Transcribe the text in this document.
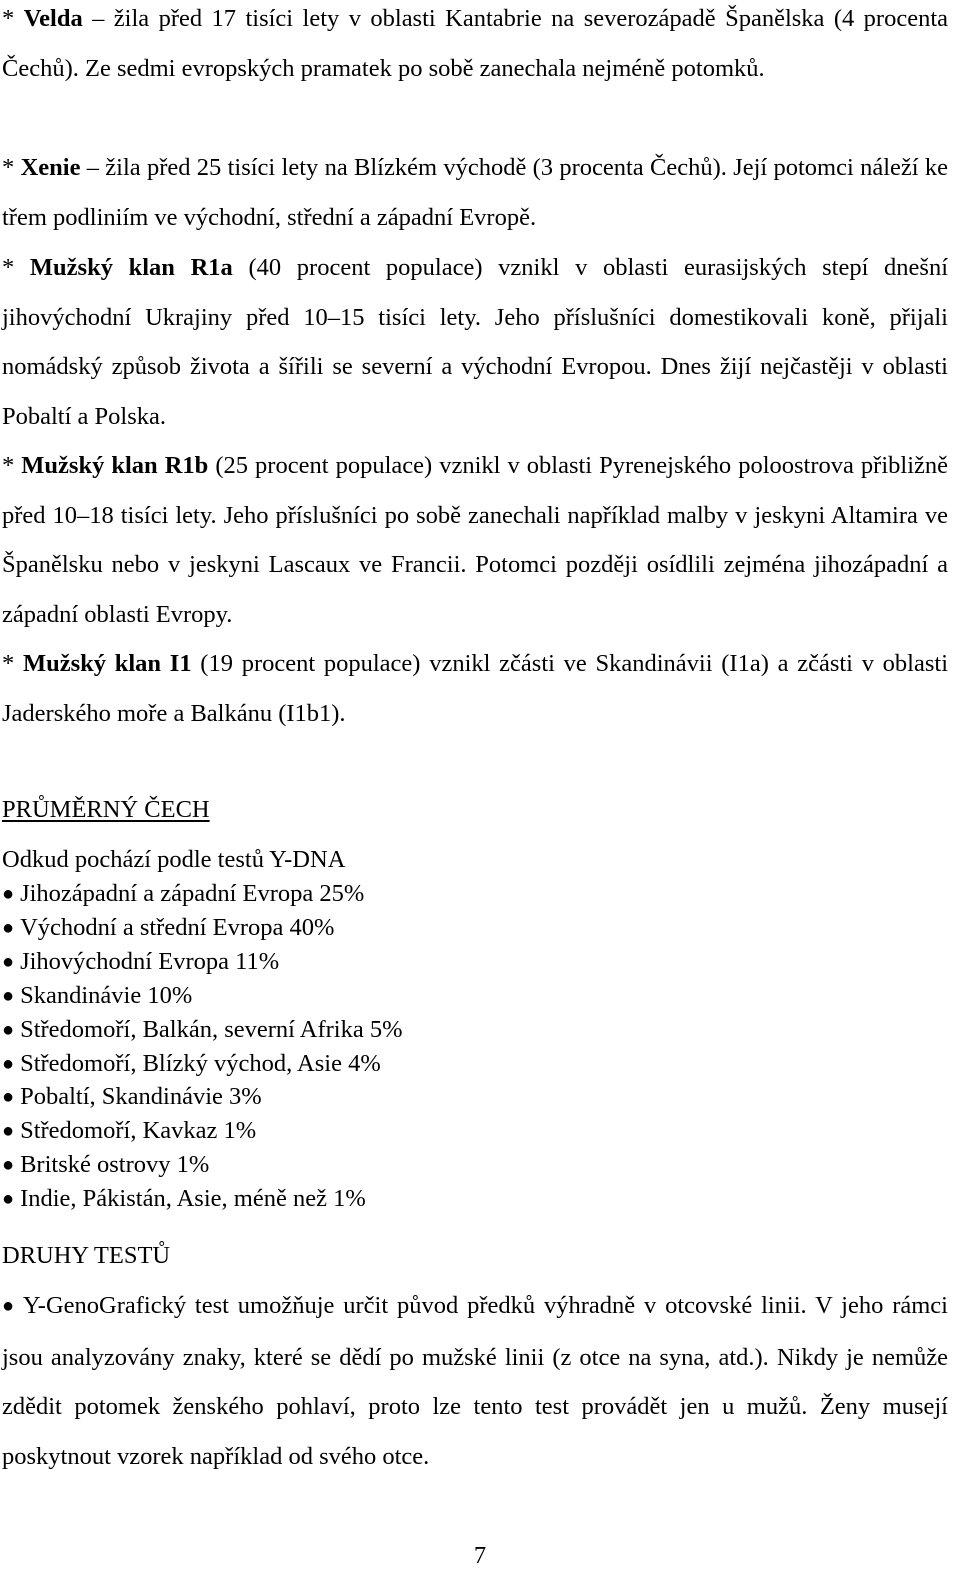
* Velda – žila před 17 tisíci lety v oblasti Kantabrie na severozápadě Španělska (4 procenta Čechů). Ze sedmi evropských pramatek po sobě zanechala nejméně potomků.

* Xenie – žila před 25 tisíci lety na Blízkém východě (3 procenta Čechů). Její potomci náleží ke třem podliniím ve východní, střední a západní Evropě.

* Mužský klan R1a (40 procent populace) vznikl v oblasti eurasijských stepí dnešní jihovýchodní Ukrajiny před 10–15 tisíci lety. Jeho příslušníci domestikovali koně, přijali nomádský způsob života a šířili se severní a východní Evropou. Dnes žijí nejčastěji v oblasti Pobaltí a Polska.

* Mužský klan R1b (25 procent populace) vznikl v oblasti Pyrenejského poloostrova přibližně před 10–18 tisíci lety. Jeho příslušníci po sobě zanechali například malby v jeskyni Altamira ve Španělsku nebo v jeskyni Lascaux ve Francii. Potomci později osídlili zejména jihozápadní a západní oblasti Evropy.

* Mužský klan I1 (19 procent populace) vznikl zčásti ve Skandinávii (I1a) a zčásti v oblasti Jaderského moře a Balkánu (I1b1).

PRŮMĚRNÝ ČECH

Odkud pochází podle testů Y-DNA

● Jihozápadní a západní Evropa 25%
● Východní a střední Evropa 40%
● Jihovýchodní Evropa 11%
● Skandinávie 10%
● Středomoří, Balkán, severní Afrika 5%
● Středomoří, Blízký východ, Asie 4%
● Pobaltí, Skandinávie 3%
● Středomoří, Kavkaz 1%
● Britské ostrovy 1%
● Indie, Pákistán, Asie, méně než 1%
DRUHY TESTŮ

● Y-GenoGrafický test umožňuje určit původ předků výhradně v otcovské linii. V jeho rámci jsou analyzovány znaky, které se dědí po mužské linii (z otce na syna, atd.). Nikdy je nemůže zdědit potomek ženského pohlaví, proto lze tento test provádět jen u mužů. Ženy musejí poskytnout vzorek například od svého otce.

7
